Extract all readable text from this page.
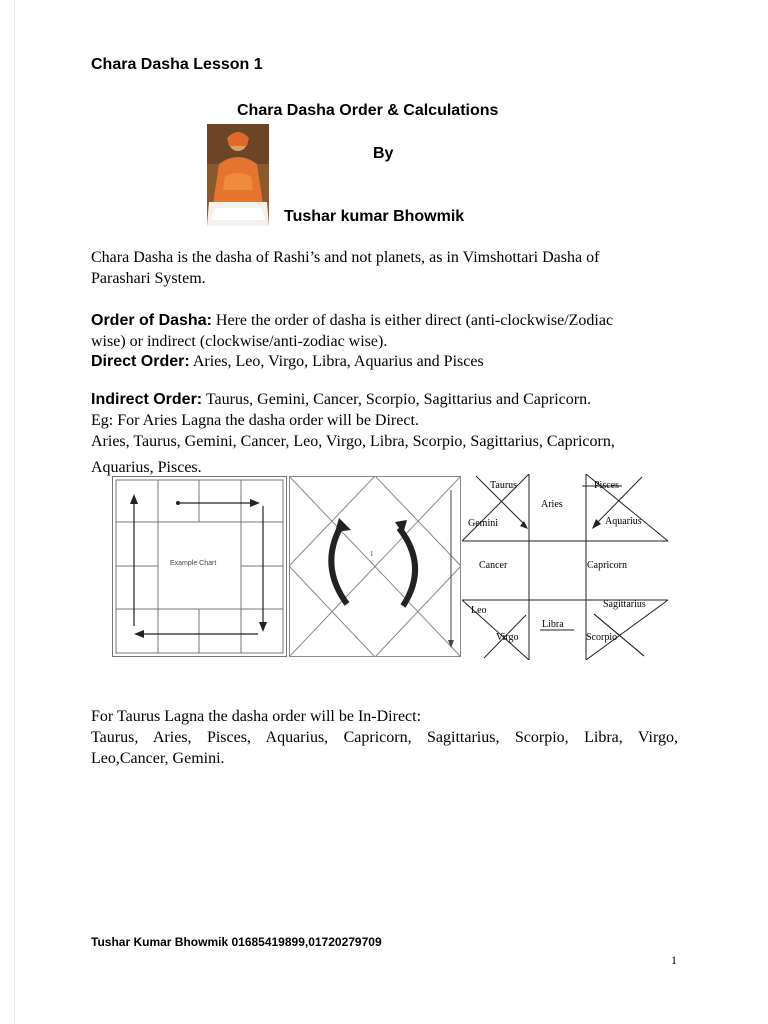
Chara Dasha Lesson 1
Chara Dasha Order & Calculations
By
Tushar kumar Bhowmik
Chara Dasha is the dasha of Rashi’s and not planets, as in Vimshottari Dasha of
Parashari System.
Order of Dasha: Here the order of dasha is either direct (anti-clockwise/Zodiac
wise) or indirect (clockwise/anti-zodiac wise).
Direct Order: Aries, Leo, Virgo, Libra, Aquarius and Pisces
Indirect Order: Taurus, Gemini, Cancer, Scorpio, Sagittarius and Capricorn.
Eg: For Aries Lagna the dasha order will be Direct.
Aries, Taurus, Gemini, Cancer, Leo, Virgo, Libra, Scorpio, Sagittarius, Capricorn,
Aquarius, Pisces.
Example Chart
1
Taurus	Pisces
Aries
Gemini	Aquarius
Cancer	Capricorn
Sagittarius
Leo
Libra
Virgo	Scorpio
For Taurus Lagna the dasha order will be In-Direct:
Taurus, Aries, Pisces, Aquarius, Capricorn, Sagittarius, Scorpio, Libra, Virgo,
Leo,Cancer, Gemini.
Tushar Kumar Bhowmik 01685419899,01720279709
1
